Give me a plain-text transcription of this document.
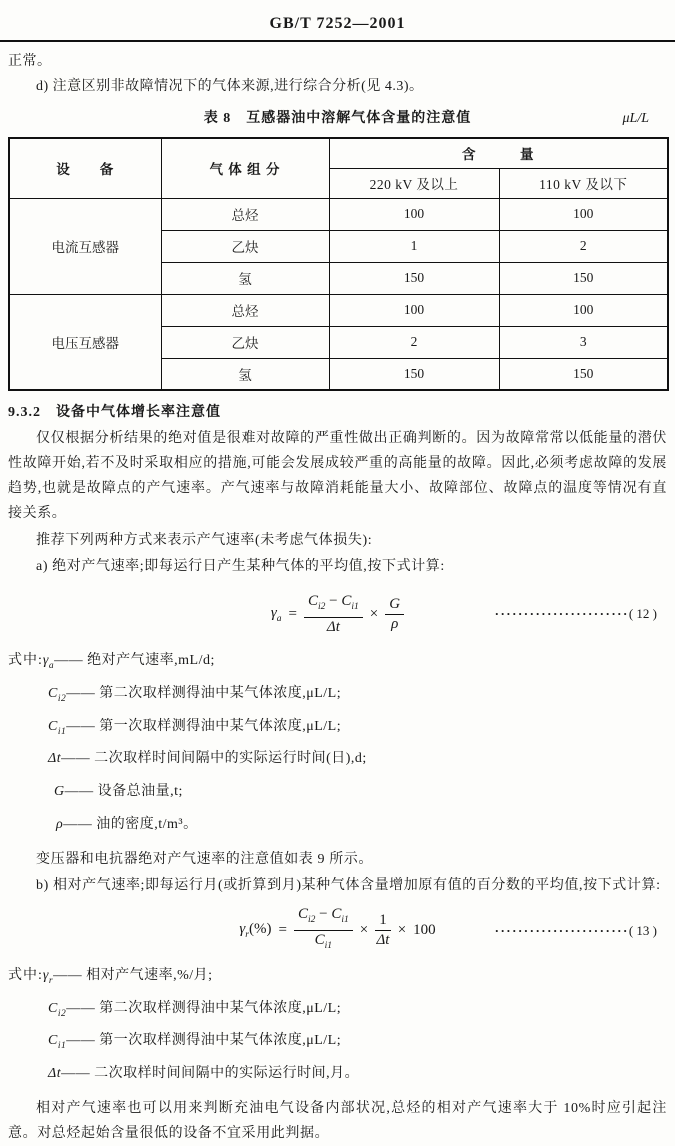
GB/T 7252—2001
正常。
d) 注意区别非故障情况下的气体来源,进行综合分析(见 4.3)。
表 8　互感器油中溶解气体含量的注意值	μL/L
设　　备	气 体 组 分	含　　　量	
		220 kV 及以上	110 kV 及以下
电流互感器	总烃	100	100
	乙炔	1	2
	氢	150	150
电压互感器	总烃	100	100
	乙炔	2	3
	氢	150	150
9.3.2　设备中气体增长率注意值

仅仅根据分析结果的绝对值是很难对故障的严重性做出正确判断的。因为故障常常以低能量的潜伏性故障开始,若不及时采取相应的措施,可能会发展成较严重的高能量的故障。因此,必须考虑故障的发展趋势,也就是故障点的产气速率。产气速率与故障消耗能量大小、故障部位、故障点的温度等情况有直接关系。

推荐下列两种方式来表示产气速率(未考虑气体损失):

a) 绝对产气速率;即每运行日产生某种气体的平均值,按下式计算:

$\gamma_a = \frac{C_{i2} - C_{i1}}{\Delta t} \times \frac{G}{\rho}$	·······················( 12 )
式中$:\gamma_a——$ 绝对产气速率,mL/d;
$C_{i2}——$ 第二次取样测得油中某气体浓度,μL/L;
$C_{i1}——$ 第一次取样测得油中某气体浓度,μL/L;
Δt—— 二次取样时间间隔中的实际运行时间(日),d;
G—— 设备总油量,t;
ρ—— 油的密度,t/m³。

变压器和电抗器绝对产气速率的注意值如表 9 所示。

b) 相对产气速率;即每运行月(或折算到月)某种气体含量增加原有值的百分数的平均值,按下式计算:

$\gamma_r(\%) = \frac{C_{i2} - C_{i1}}{C_{i1}} \times \frac{1}{\Delta t} \times 100$	·······················( 13 )
式中$:\gamma_r——$ 相对产气速率,%/月;
$C_{i2}——$ 第二次取样测得油中某气体浓度,μL/L;
$C_{i1}——$ 第一次取样测得油中某气体浓度,μL/L;
Δt—— 二次取样时间间隔中的实际运行时间,月。

相对产气速率也可以用来判断充油电气设备内部状况,总烃的相对产气速率大于 10%时应引起注意。对总烃起始含量很低的设备不宜采用此判据。
